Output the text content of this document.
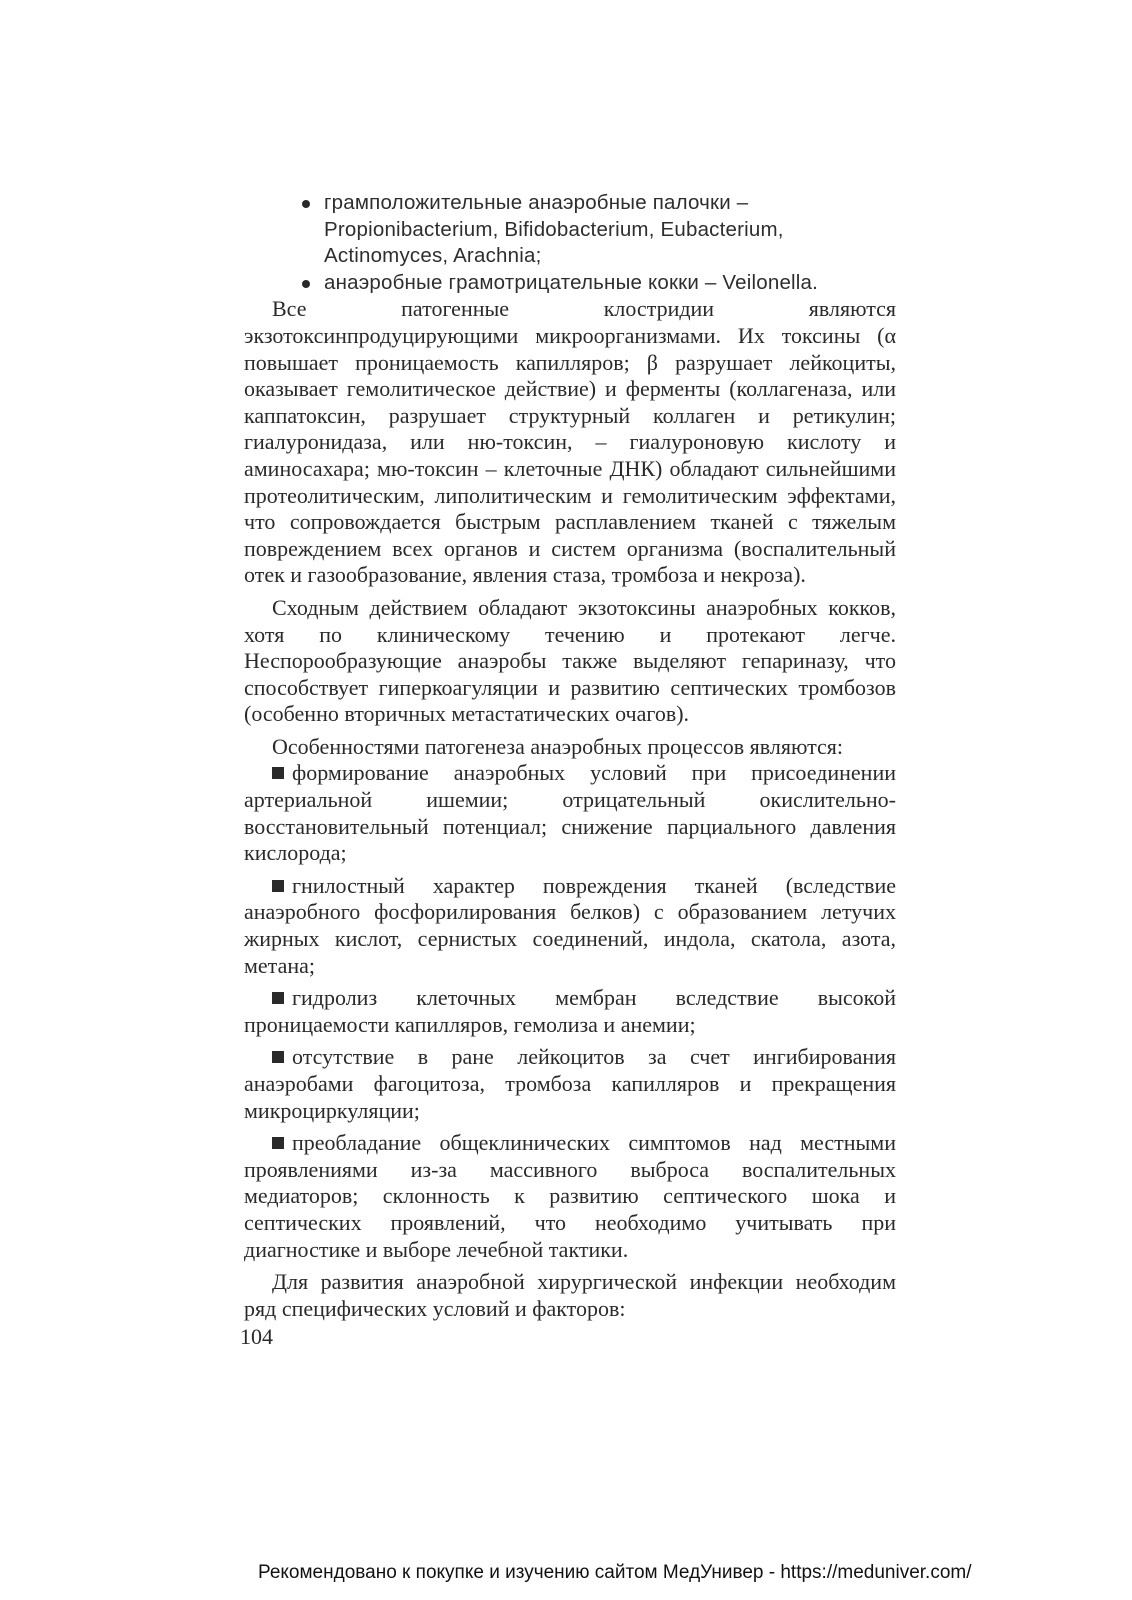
грамположительные анаэробные палочки – Propionibacterium, Bifidobacterium, Eubacterium, Actinomyces, Arachnia;
анаэробные грамотрицательные кокки – Veilonella.

Все патогенные клостридии являются экзотоксинпродуцирующими микроорганизмами. Их токсины (α повышает проницаемость капилляров; β разрушает лейкоциты, оказывает гемолитическое действие) и ферменты (коллагеназа, или каппатоксин, разрушает структурный коллаген и ретикулин; гиалуронидаза, или ню-токсин, – гиалуроновую кислоту и аминосахара; мю-токсин – клеточные ДНК) обладают сильнейшими протеолитическим, липолитическим и гемолитическим эффектами, что сопровождается быстрым расплавлением тканей с тяжелым повреждением всех органов и систем организма (воспалительный отек и газообразование, явления стаза, тромбоза и некроза).

Сходным действием обладают экзотоксины анаэробных кокков, хотя по клиническому течению и протекают легче. Неспорообразующие анаэробы также выделяют гепариназу, что способствует гиперкоагуляции и развитию септических тромбозов (особенно вторичных метастатических очагов).

Особенностями патогенеза анаэробных процессов являются:

формирование анаэробных условий при присоединении артериальной ишемии; отрицательный окислительно-восстановительный потенциал; снижение парциального давления кислорода;

гнилостный характер повреждения тканей (вследствие анаэробного фосфорилирования белков) с образованием летучих жирных кислот, сернистых соединений, индола, скатола, азота, метана;

гидролиз клеточных мембран вследствие высокой проницаемости капилляров, гемолиза и анемии;

отсутствие в ране лейкоцитов за счет ингибирования анаэробами фагоцитоза, тромбоза капилляров и прекращения микроциркуляции;

преобладание общеклинических симптомов над местными проявлениями из-за массивного выброса воспалительных медиаторов; склонность к развитию септического шока и септических проявлений, что необходимо учитывать при диагностике и выборе лечебной тактики.

Для развития анаэробной хирургической инфекции необходим ряд специфических условий и факторов:

104
Рекомендовано к покупке и изучению сайтом МедУнивер - https://meduniver.com/
